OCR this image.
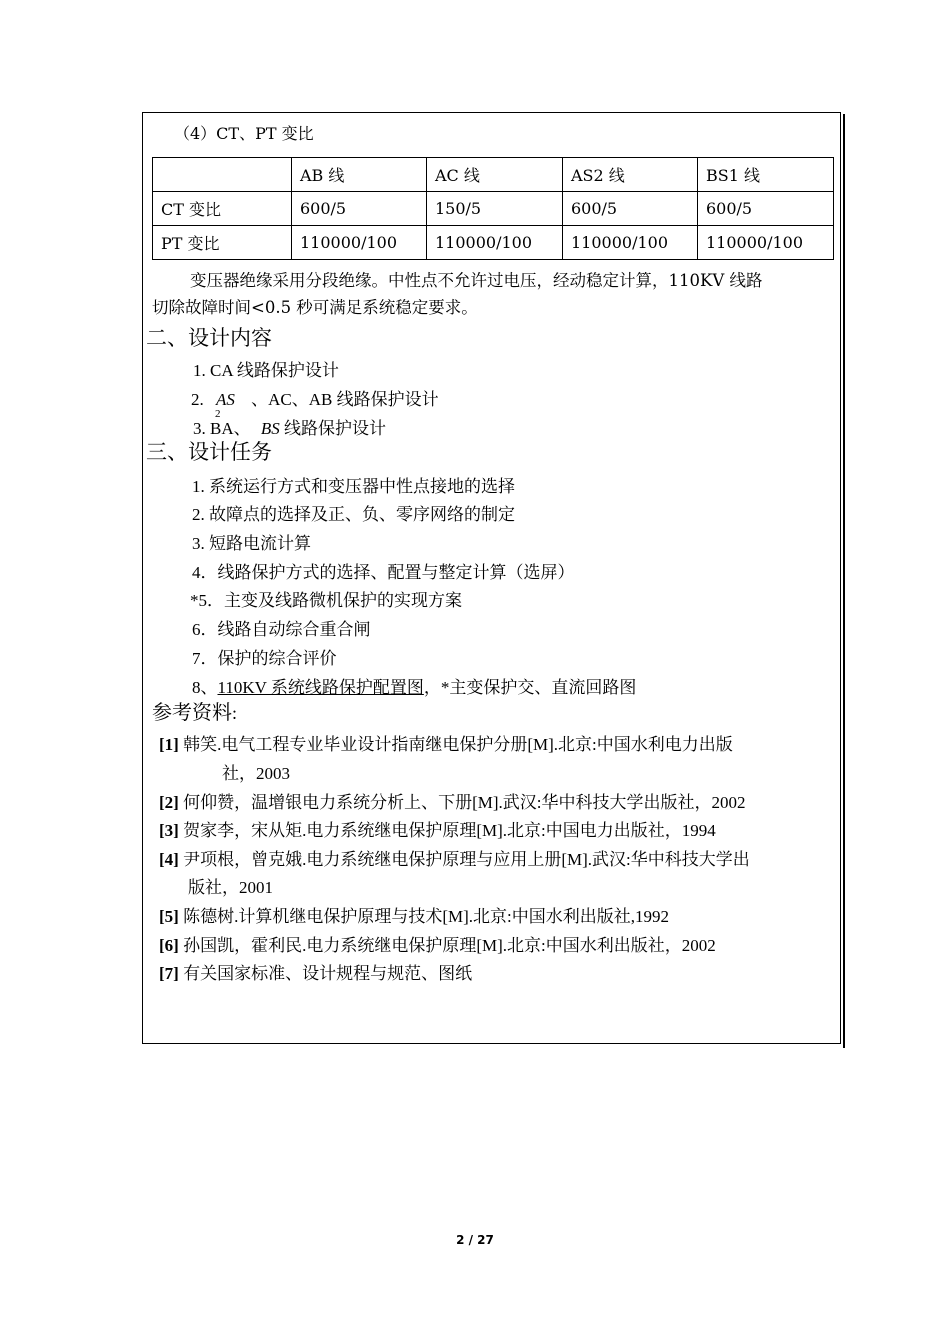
（4）CT、PT 变比
	AB 线	AC 线	AS2 线	BS1 线
CT 变比	600/5	150/5	600/5	600/5
PT 变比	110000/100	110000/100	110000/100	110000/100
变压器绝缘采用分段绝缘。中性点不允许过电压，经动稳定计算，110KV 线路
切除故障时间<0.5 秒可满足系统稳定要求。
二、设计内容
1. CA 线路保护设计
2. AS 、AC、AB 线路保护设计
2
3. BA、 BS 线路保护设计
三、设计任务
1. 系统运行方式和变压器中性点接地的选择
2. 故障点的选择及正、负、零序网络的制定
3. 短路电流计算
4．线路保护方式的选择、配置与整定计算（选屏）
*5．主变及线路微机保护的实现方案
6．线路自动综合重合闸
7．保护的综合评价
8、110KV 系统线路保护配置图，*主变保护交、直流回路图
参考资料:
[1] 韩笑.电气工程专业毕业设计指南继电保护分册[M].北京:中国水利电力出版
社，2003
[2] 何仰赞，温增银电力系统分析上、下册[M].武汉:华中科技大学出版社，2002
[3] 贺家李，宋从矩.电力系统继电保护原理[M].北京:中国电力出版社，1994
[4] 尹项根，曾克娥.电力系统继电保护原理与应用上册[M].武汉:华中科技大学出
版社，2001
[5] 陈德树.计算机继电保护原理与技术[M].北京:中国水利出版社,1992
[6] 孙国凯，霍利民.电力系统继电保护原理[M].北京:中国水利出版社，2002
[7] 有关国家标准、设计规程与规范、图纸
2 / 27
